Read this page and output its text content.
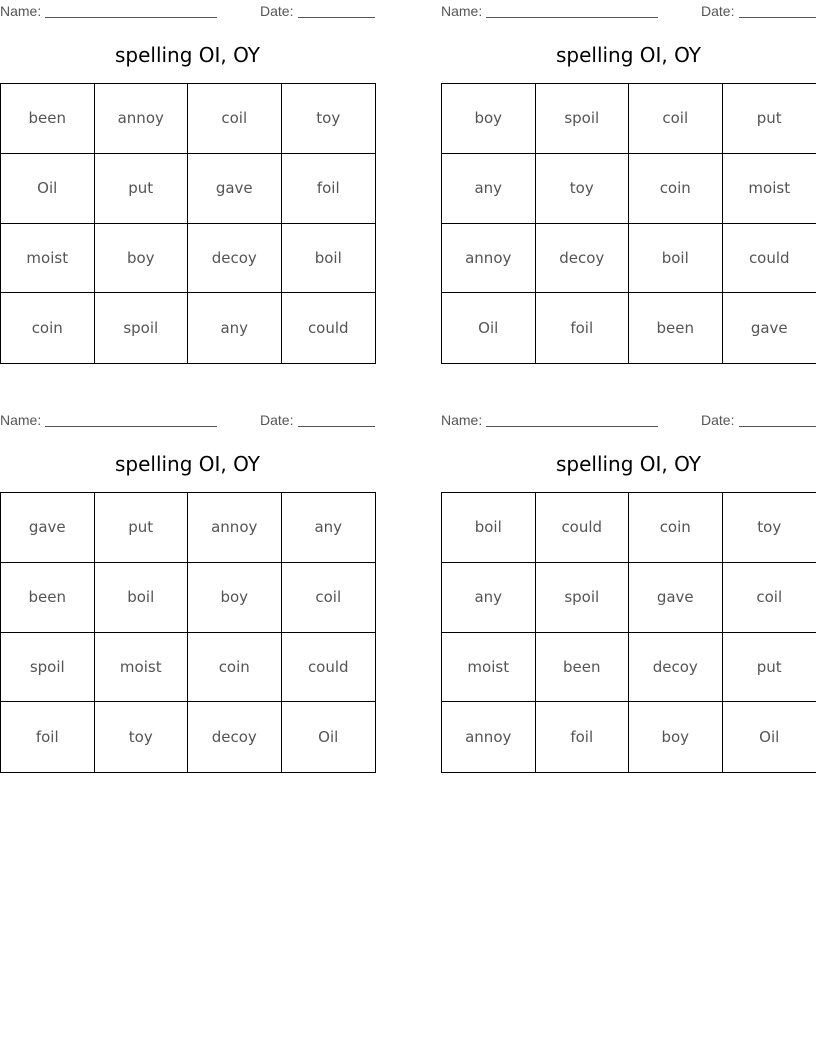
Name:	Date:
spelling OI, OY
been	annoy	coil	toy
Oil	put	gave	foil
moist	boy	decoy	boil
coin	spoil	any	could
Name:	Date:
spelling OI, OY
boy	spoil	coil	put
any	toy	coin	moist
annoy	decoy	boil	could
Oil	foil	been	gave
Name:	Date:
spelling OI, OY
gave	put	annoy	any
been	boil	boy	coil
spoil	moist	coin	could
foil	toy	decoy	Oil
Name:	Date:
spelling OI, OY
boil	could	coin	toy
any	spoil	gave	coil
moist	been	decoy	put
annoy	foil	boy	Oil
